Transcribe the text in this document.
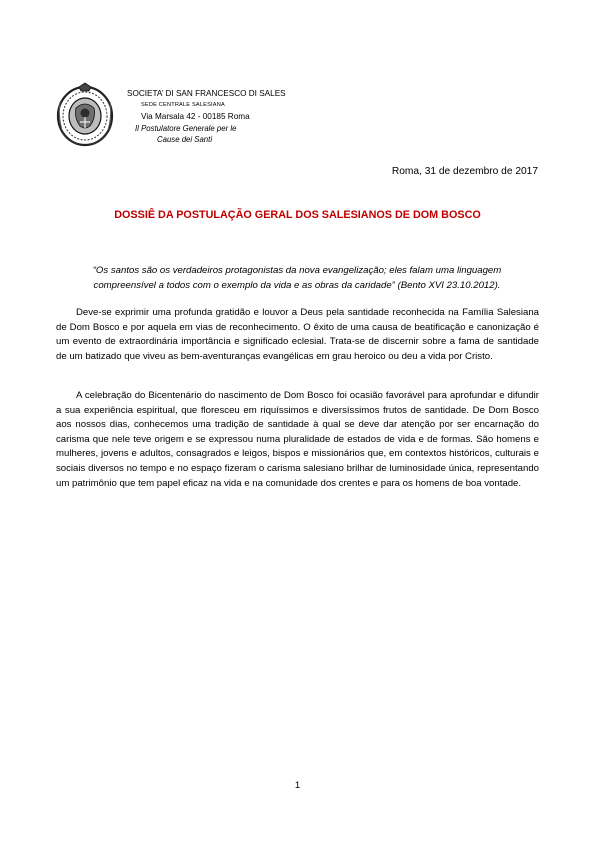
SOCIETA’ DI SAN FRANCESCO DI SALES
SEDE CENTRALE SALESIANA
Via Marsala 42 - 00185 Roma
Il Postulatore Generale per le
Cause dei Santi
Roma, 31 de dezembro de 2017
DOSSIÊ DA POSTULAÇÃO GERAL DOS SALESIANOS DE DOM BOSCO
“Os santos são os verdadeiros protagonistas da nova evangelização; eles falam uma linguagem
compreensível a todos com o exemplo da vida e as obras da caridade” (Bento XVI 23.10.2012).

Deve-se exprimir uma profunda gratidão e louvor a Deus pela santidade reconhecida na Família Salesiana de Dom Bosco e por aquela em vias de reconhecimento. O êxito de uma causa de beatificação e canonização é um evento de extraordinária importância e significado eclesial. Trata-se de discernir sobre a fama de santidade de um batizado que viveu as bem-aventuranças evangélicas em grau heroico ou deu a vida por Cristo.

A celebração do Bicentenário do nascimento de Dom Bosco foi ocasião favorável para aprofundar e difundir a sua experiência espiritual, que floresceu em riquíssimos e diversíssimos frutos de santidade. De Dom Bosco aos nossos dias, conhecemos uma tradição de santidade à qual se deve dar atenção por ser encarnação do carisma que nele teve origem e se expressou numa pluralidade de estados de vida e de formas. São homens e mulheres, jovens e adultos, consagrados e leigos, bispos e missionários que, em contextos históricos, culturais e sociais diversos no tempo e no espaço fizeram o carisma salesiano brilhar de luminosidade única, representando um patrimônio que tem papel eficaz na vida e na comunidade dos crentes e para os homens de boa vontade.

1
